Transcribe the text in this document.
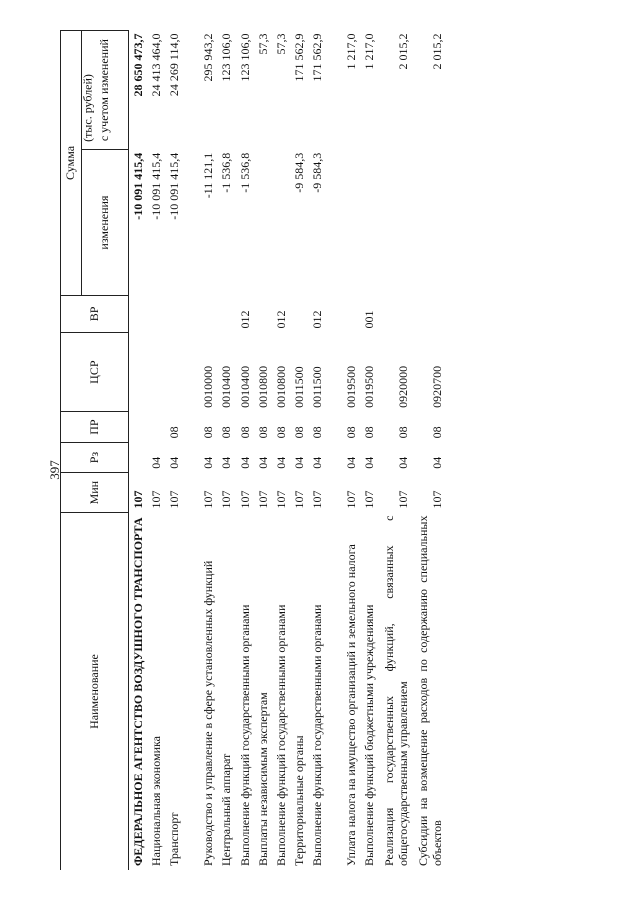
397
(тыс. рублей)
Наименование	Мин	Рз	ПР	ЦСР	ВР	Сумма	
						изменения	с учетом изменений
ФЕДЕРАЛЬНОЕ АГЕНТСТВО ВОЗДУШНОГО ТРАНСПОРТА	107					-10 091 415,4	28 650 473,7
Национальная экономика	107	04				-10 091 415,4	24 413 464,0
Транспорт	107	04	08			-10 091 415,4	24 269 114,0
Руководство и управление в сфере установленных функций	107	04	08	0010000		-11 121,1	295 943,2
Центральный аппарат	107	04	08	0010400		-1 536,8	123 106,0
Выполнение функций государственными органами	107	04	08	0010400	012	-1 536,8	123 106,0
Выплаты независимым экспертам	107	04	08	0010800			57,3
Выполнение функций государственными органами	107	04	08	0010800	012		57,3
Территориальные органы	107	04	08	0011500		-9 584,3	171 562,9
Выполнение функций государственными органами	107	04	08	0011500	012	-9 584,3	171 562,9
Уплата налога на имущество организаций и земельного налога	107	04	08	0019500			1 217,0
Выполнение функций бюджетными учреждениями	107	04	08	0019500	001		1 217,0
Реализация государственных функций, связанных с общегосударственным управлением	107	04	08	0920000			2 015,2
Субсидии на возмещение расходов по содержанию специальных объектов	107	04	08	0920700			2 015,2
